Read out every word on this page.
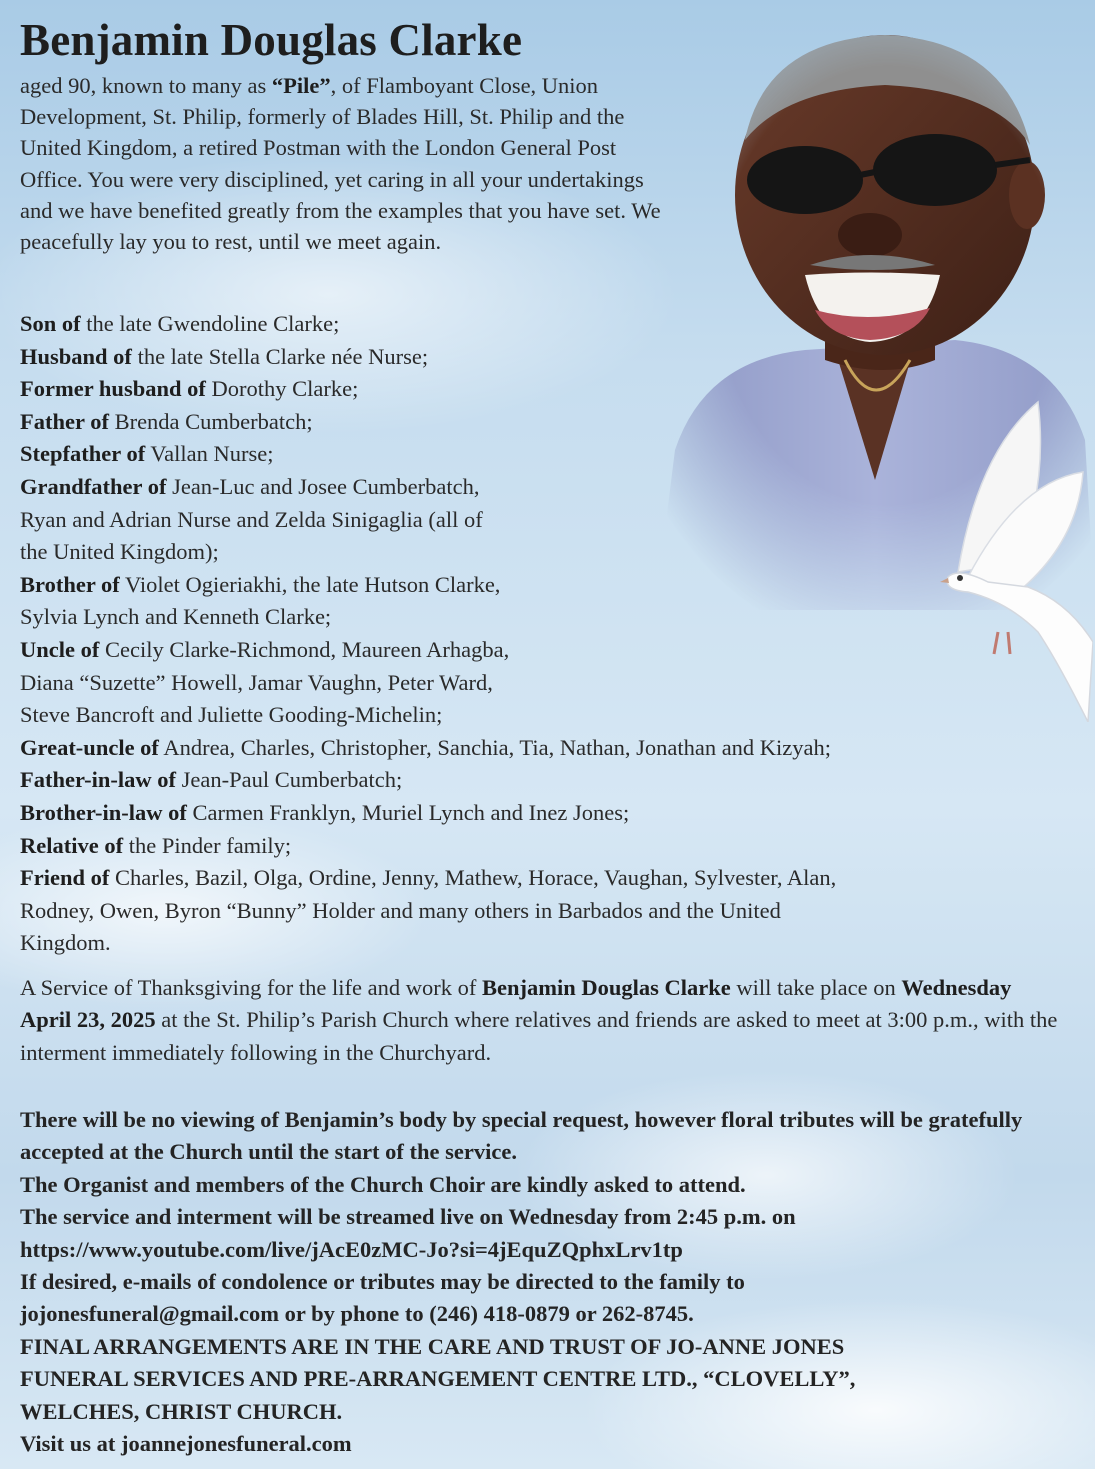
Benjamin Douglas Clarke
aged 90, known to many as “Pile”, of Flamboyant Close, Union Development, St. Philip, formerly of Blades Hill, St. Philip and the United Kingdom, a retired Postman with the London General Post Office. You were very disciplined, yet caring in all your undertakings and we have benefited greatly from the examples that you have set. We peacefully lay you to rest, until we meet again.

Son of the late Gwendoline Clarke;

Husband of the late Stella Clarke née Nurse;

Former husband of Dorothy Clarke;

Father of Brenda Cumberbatch;

Stepfather of Vallan Nurse;

Grandfather of Jean-Luc and Josee Cumberbatch,

Ryan and Adrian Nurse and Zelda Sinigaglia (all of

the United Kingdom);

Brother of Violet Ogieriakhi, the late Hutson Clarke,

Sylvia Lynch and Kenneth Clarke;

Uncle of Cecily Clarke-Richmond, Maureen Arhagba,

Diana “Suzette” Howell, Jamar Vaughn, Peter Ward,

Steve Bancroft and Juliette Gooding-Michelin;

Great-uncle of Andrea, Charles, Christopher, Sanchia, Tia, Nathan, Jonathan and Kizyah;

Father-in-law of Jean-Paul Cumberbatch;

Brother-in-law of Carmen Franklyn, Muriel Lynch and Inez Jones;

Relative of the Pinder family;

Friend of Charles, Bazil, Olga, Ordine, Jenny, Mathew, Horace, Vaughan, Sylvester, Alan,

Rodney, Owen, Byron “Bunny” Holder and many others in Barbados and the United

Kingdom.

A Service of Thanksgiving for the life and work of Benjamin Douglas Clarke will take place on Wednesday April 23, 2025 at the St. Philip’s Parish Church where relatives and friends are asked to meet at 3:00 p.m., with the interment immediately following in the Churchyard.

There will be no viewing of Benjamin’s body by special request, however floral tributes will be gratefully accepted at the Church until the start of the service.

The Organist and members of the Church Choir are kindly asked to attend.

The service and interment will be streamed live on Wednesday from 2:45 p.m. on

https://www.youtube.com/live/jAcE0zMC-Jo?si=4jEquZQphxLrv1tp

If desired, e-mails of condolence or tributes may be directed to the family to

jojonesfuneral@gmail.com or by phone to (246) 418-0879 or 262-8745.

FINAL ARRANGEMENTS ARE IN THE CARE AND TRUST OF JO-ANNE JONES

FUNERAL SERVICES AND PRE-ARRANGEMENT CENTRE LTD., “CLOVELLY”,

WELCHES, CHRIST CHURCH.

Visit us at joannejonesfuneral.com
